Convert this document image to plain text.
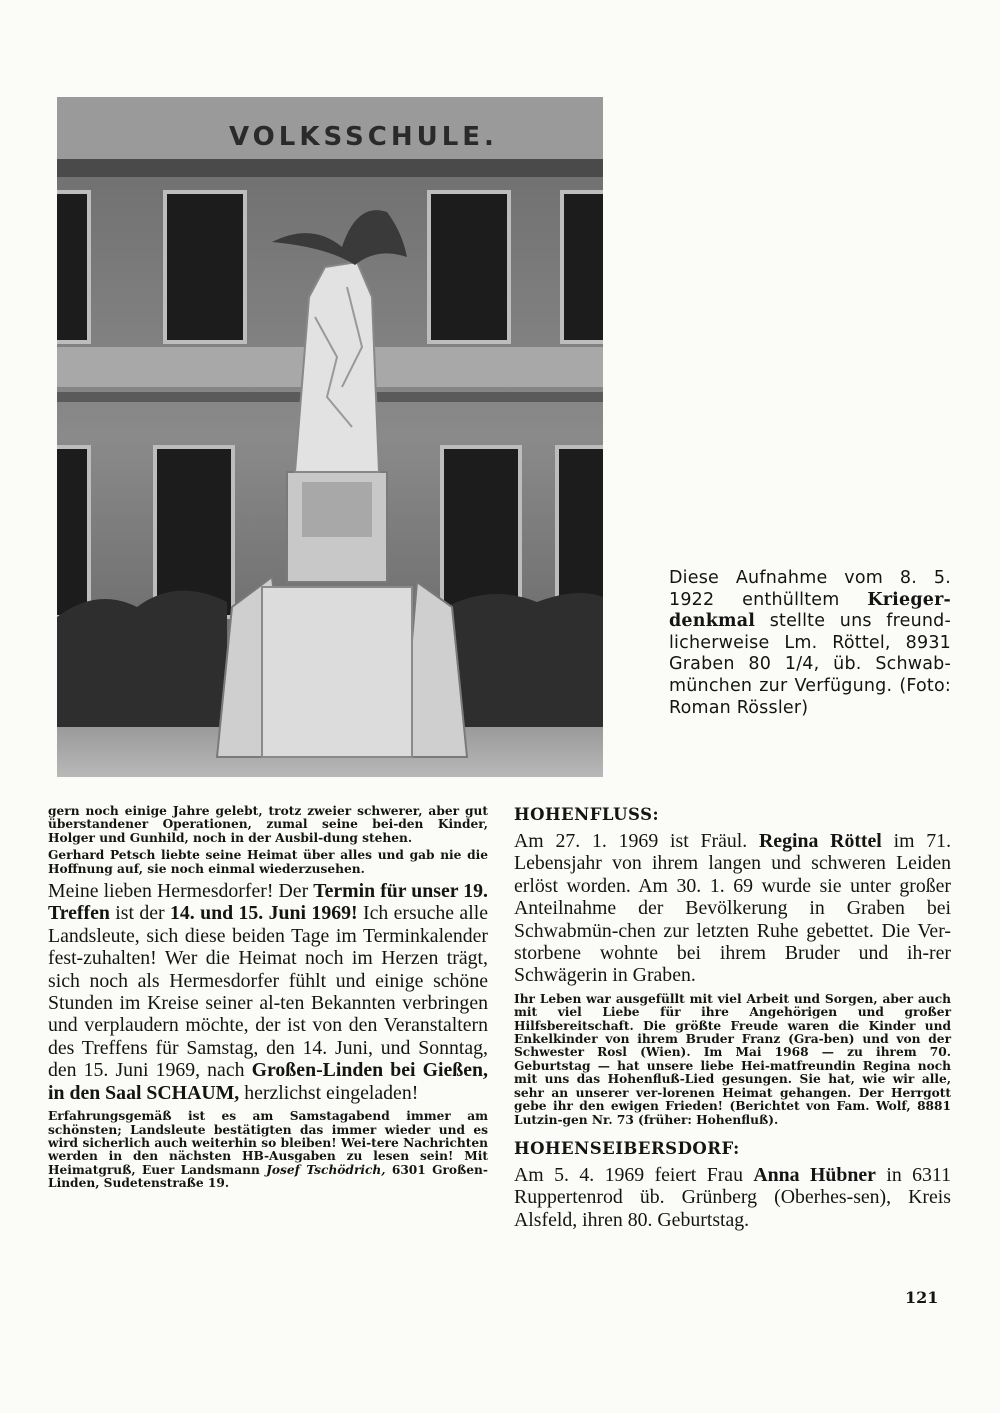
VOLKSSCHULE.
Diese Aufnahme vom 8. 5. 1922 enthülltem Krieger-denkmal stellte uns freund-licherweise Lm. Röttel, 8931 Graben 80 1/4, üb. Schwab-münchen zur Verfügung. (Foto: Roman Rössler)

gern noch einige Jahre gelebt, trotz zweier schwerer, aber gut überstandener Operationen, zumal seine bei-den Kinder, Holger und Gunhild, noch in der Ausbil-dung stehen.

Gerhard Petsch liebte seine Heimat über alles und gab nie die Hoffnung auf, sie noch einmal wiederzusehen.

Meine lieben Hermesdorfer! Der Termin für unser 19. Treffen ist der 14. und 15. Juni 1969! Ich ersuche alle Landsleute, sich diese beiden Tage im Terminkalender fest-zuhalten! Wer die Heimat noch im Herzen trägt, sich noch als Hermesdorfer fühlt und einige schöne Stunden im Kreise seiner al-ten Bekannten verbringen und verplaudern möchte, der ist von den Veranstaltern des Treffens für Samstag, den 14. Juni, und Sonntag, den 15. Juni 1969, nach Großen-Linden bei Gießen, in den Saal SCHAUM, herzlichst eingeladen!

Erfahrungsgemäß ist es am Samstagabend immer am schönsten; Landsleute bestätigten das immer wieder und es wird sicherlich auch weiterhin so bleiben! Wei-tere Nachrichten werden in den nächsten HB-Ausgaben zu lesen sein! Mit Heimatgruß, Euer Landsmann Josef Tschödrich, 6301 Großen-Linden, Sudetenstraße 19.

HOHENFLUSS:

Am 27. 1. 1969 ist Fräul. Regina Röttel im 71. Lebensjahr von ihrem langen und schweren Leiden erlöst worden. Am 30. 1. 69 wurde sie unter großer Anteilnahme der Bevölkerung in Graben bei Schwabmün-chen zur letzten Ruhe gebettet. Die Ver-storbene wohnte bei ihrem Bruder und ih-rer Schwägerin in Graben.

Ihr Leben war ausgefüllt mit viel Arbeit und Sorgen, aber auch mit viel Liebe für ihre Angehörigen und großer Hilfsbereitschaft. Die größte Freude waren die Kinder und Enkelkinder von ihrem Bruder Franz (Gra-ben) und von der Schwester Rosl (Wien). Im Mai 1968 — zu ihrem 70. Geburtstag — hat unsere liebe Hei-matfreundin Regina noch mit uns das Hohenfluß-Lied gesungen. Sie hat, wie wir alle, sehr an unserer ver-lorenen Heimat gehangen. Der Herrgott gebe ihr den ewigen Frieden! (Berichtet von Fam. Wolf, 8881 Lutzin-gen Nr. 73 (früher: Hohenfluß).

HOHENSEIBERSDORF:

Am 5. 4. 1969 feiert Frau Anna Hübner in 6311 Ruppertenrod üb. Grünberg (Oberhes-sen), Kreis Alsfeld, ihren 80. Geburtstag.

121
